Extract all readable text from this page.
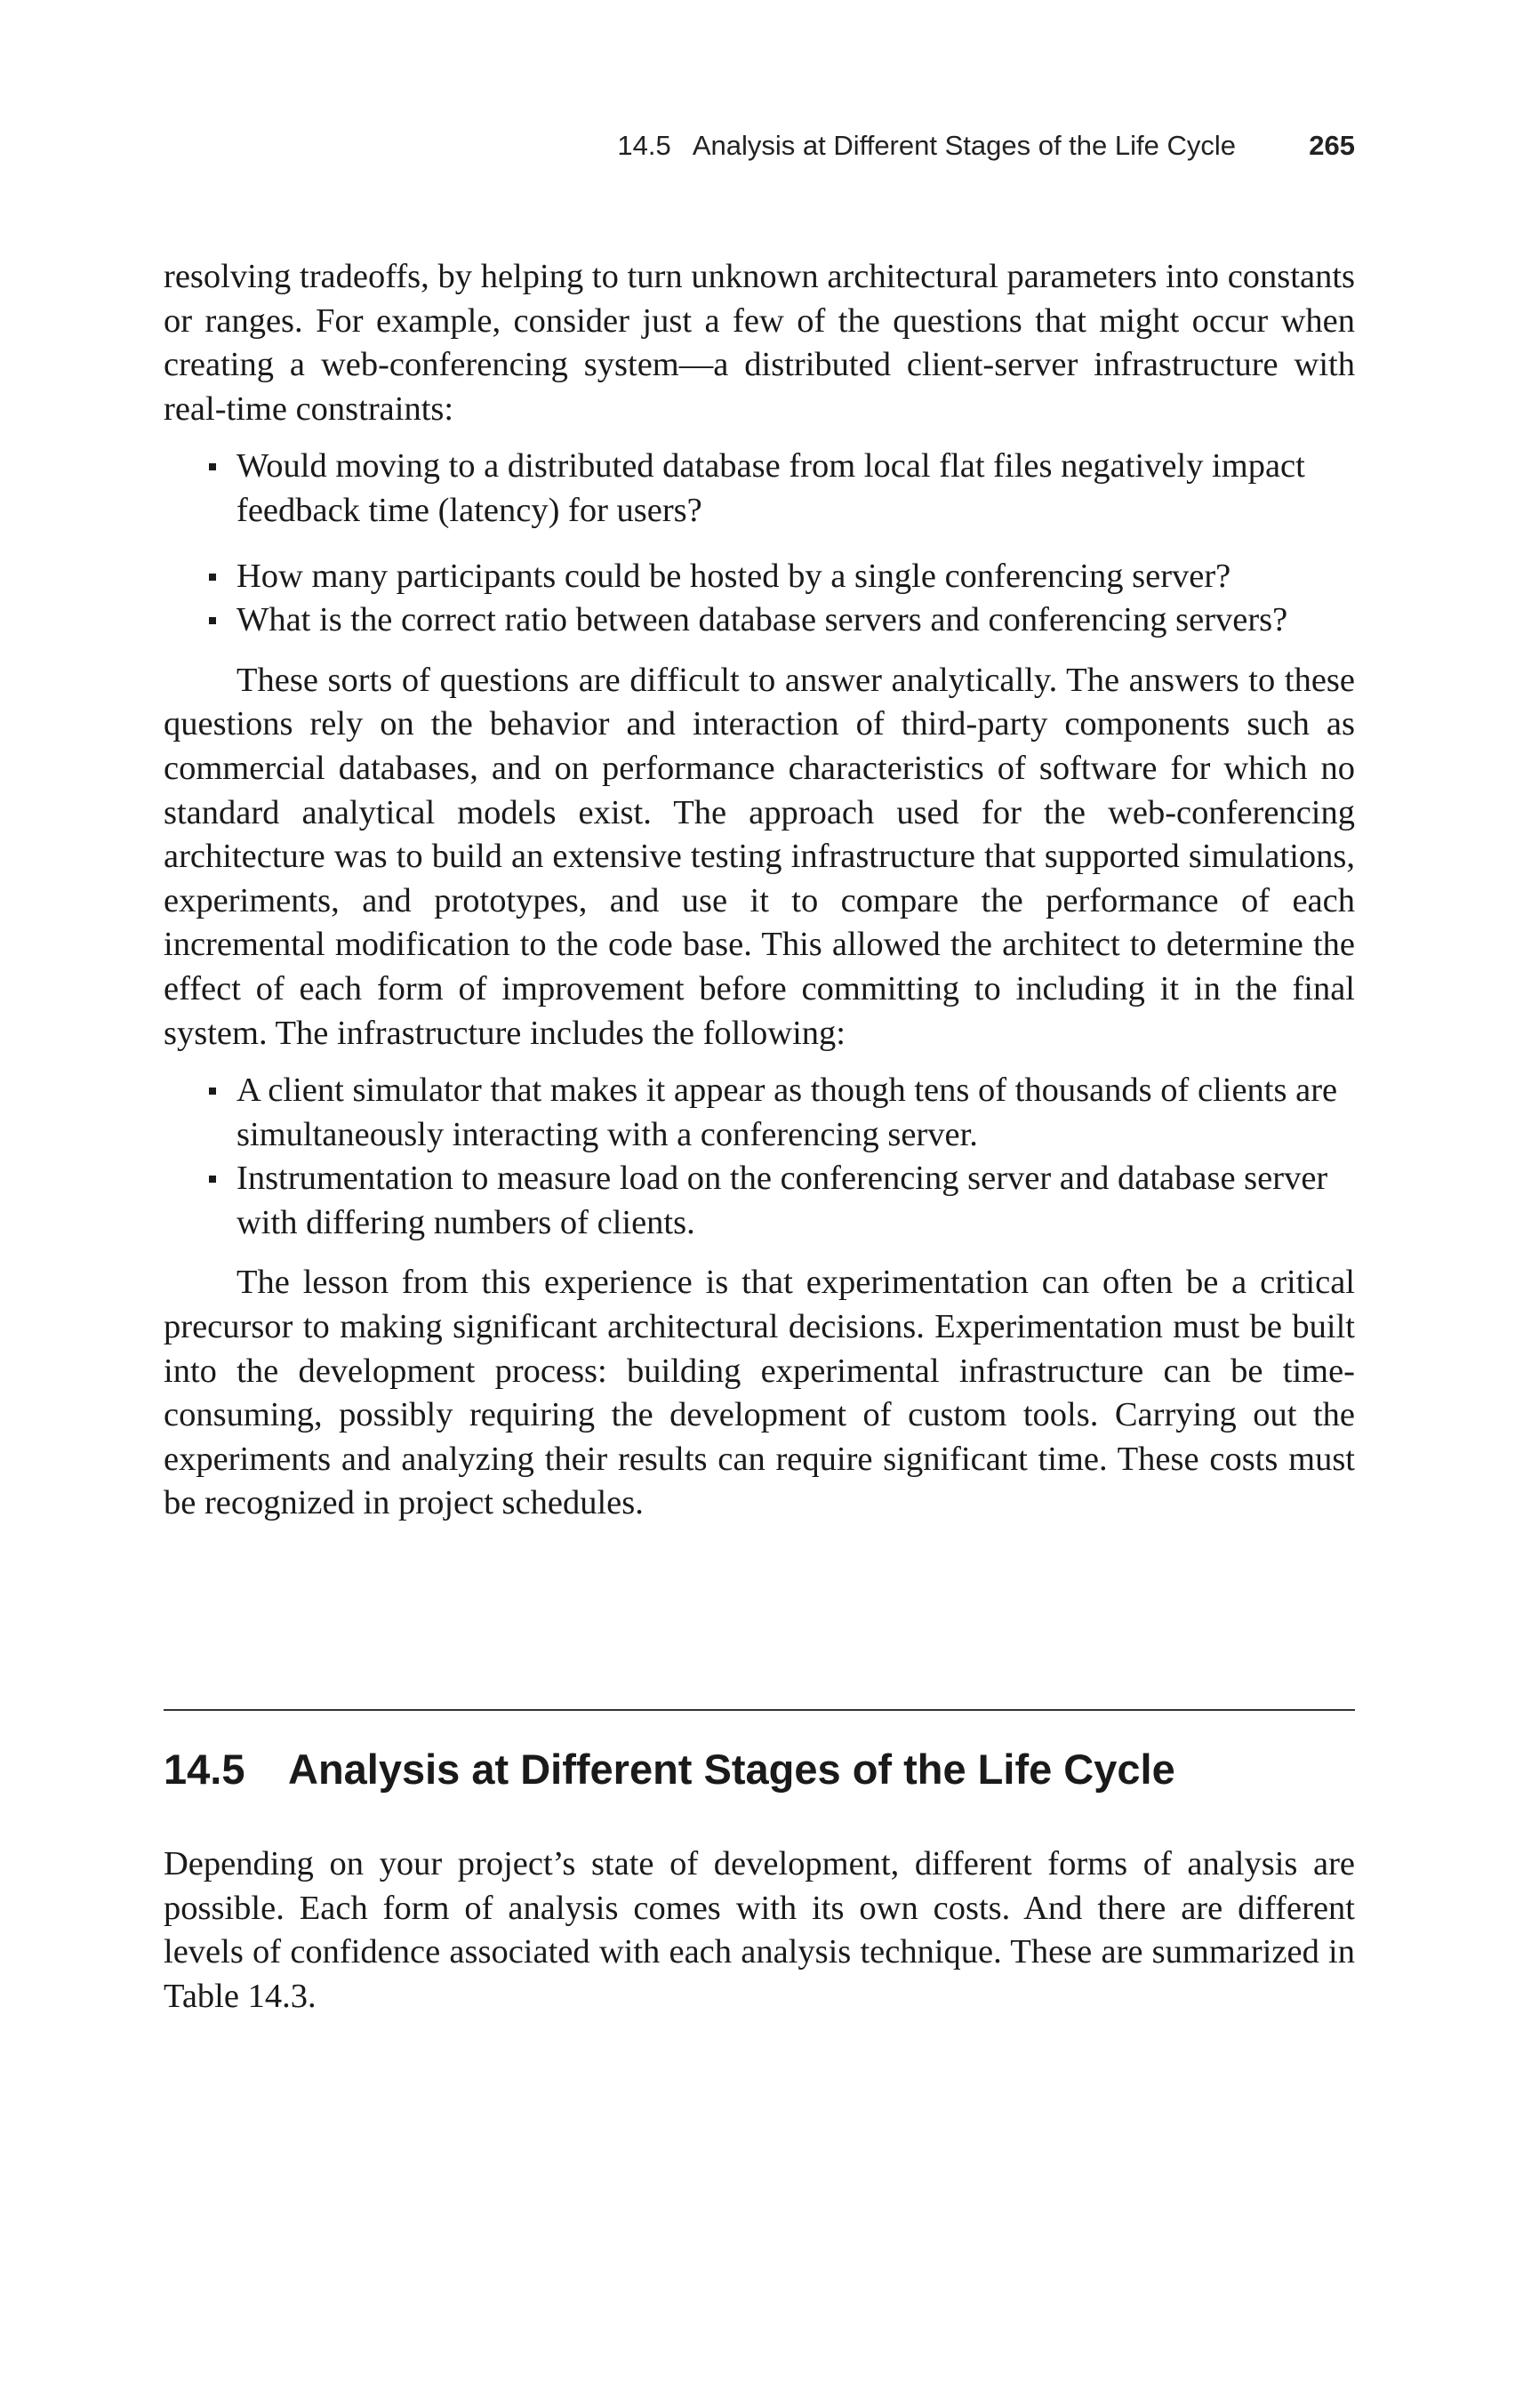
14.5   Analysis at Different Stages of the Life Cycle	265

resolving tradeoffs, by helping to turn unknown architectural parameters into constants or ranges. For example, consider just a few of the questions that might occur when creating a web-conferencing system—a distributed client-server infrastructure with real-time constraints:

Would moving to a distributed database from local flat files negatively impact feedback time (latency) for users?
How many participants could be hosted by a single conferencing server?
What is the correct ratio between database servers and conferencing servers?

These sorts of questions are difficult to answer analytically. The answers to these questions rely on the behavior and interaction of third-party components such as commercial databases, and on performance characteristics of software for which no standard analytical models exist. The approach used for the web-conferencing architecture was to build an extensive testing infrastructure that supported simulations, experiments, and prototypes, and use it to compare the performance of each incremental modification to the code base. This allowed the architect to determine the effect of each form of improvement before committing to including it in the final system. The infrastructure includes the following:

A client simulator that makes it appear as though tens of thousands of clients are simultaneously interacting with a conferencing server.
Instrumentation to measure load on the conferencing server and database server with differing numbers of clients.

The lesson from this experience is that experimentation can often be a critical precursor to making significant architectural decisions. Experimentation must be built into the development process: building experimental infrastructure can be time-consuming, possibly requiring the development of custom tools. Carrying out the experiments and analyzing their results can require significant time. These costs must be recognized in project schedules.

14.5 Analysis at Different Stages of the Life Cycle

Depending on your project’s state of development, different forms of analysis are possible. Each form of analysis comes with its own costs. And there are different levels of confidence associated with each analysis technique. These are summarized in Table 14.3.
